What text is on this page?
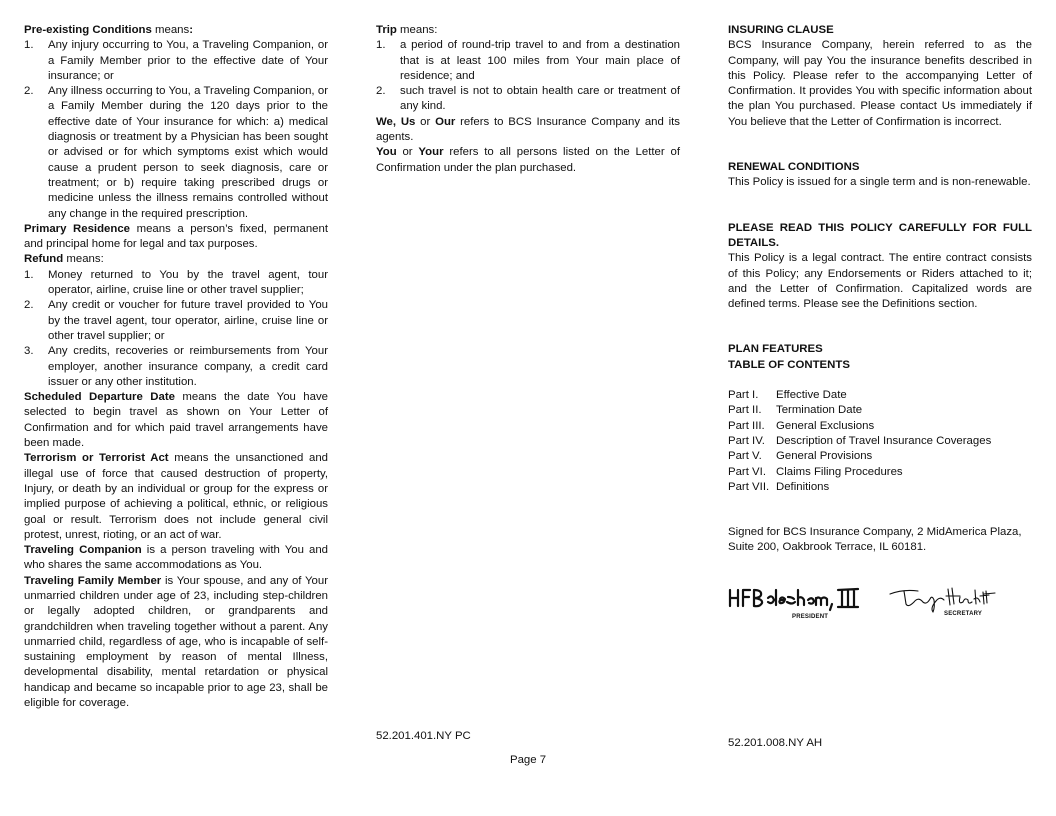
Pre-existing Conditions means:

1. Any injury occurring to You, a Traveling Companion, or a Family Member prior to the effective date of Your insurance; or
2. Any illness occurring to You, a Traveling Companion, or a Family Member during the 120 days prior to the effective date of Your insurance for which: a) medical diagnosis or treatment by a Physician has been sought or advised or for which symptoms exist which would cause a prudent person to seek diagnosis, care or treatment; or b) require taking prescribed drugs or medicine unless the illness remains controlled without any change in the required prescription.

Primary Residence means a person’s fixed, permanent and principal home for legal and tax purposes.

Refund means:

1. Money returned to You by the travel agent, tour operator, airline, cruise line or other travel supplier;
2. Any credit or voucher for future travel provided to You by the travel agent, tour operator, airline, cruise line or other travel supplier; or
3. Any credits, recoveries or reimbursements from Your employer, another insurance company, a credit card issuer or any other institution.

Scheduled Departure Date means the date You have selected to begin travel as shown on Your Letter of Confirmation and for which paid travel arrangements have been made.

Terrorism or Terrorist Act means the unsanctioned and illegal use of force that caused destruction of property, Injury, or death by an individual or group for the express or implied purpose of achieving a political, ethnic, or religious goal or result. Terrorism does not include general civil protest, unrest, rioting, or an act of war.

Traveling Companion is a person traveling with You and who shares the same accommodations as You.

Traveling Family Member is Your spouse, and any of Your unmarried children under age of 23, including step-children or legally adopted children, or grandparents and grandchildren when traveling together without a parent. Any unmarried child, regardless of age, who is incapable of self-sustaining employment by reason of mental Illness, developmental disability, mental retardation or physical handicap and became so incapable prior to age 23, shall be eligible for coverage.

Trip means:

1. a period of round-trip travel to and from a destination that is at least 100 miles from Your main place of residence; and
2. such travel is not to obtain health care or treatment of any kind.

We, Us or Our refers to BCS Insurance Company and its agents.

You or Your refers to all persons listed on the Letter of Confirmation under the plan purchased.

INSURING CLAUSE

BCS Insurance Company, herein referred to as the Company, will pay You the insurance benefits described in this Policy. Please refer to the accompanying Letter of Confirmation. It provides You with specific information about the plan You purchased. Please contact Us immediately if You believe that the Letter of Confirmation is incorrect.

RENEWAL CONDITIONS

This Policy is issued for a single term and is non-renewable.

PLEASE READ THIS POLICY CAREFULLY FOR FULL DETAILS.

This Policy is a legal contract. The entire contract consists of this Policy; any Endorsements or Riders attached to it; and the Letter of Confirmation. Capitalized words are defined terms. Please see the Definitions section.

PLAN FEATURES

TABLE OF CONTENTS

Part I.	Effective Date
Part II.	Termination Date
Part III. General Exclusions
Part IV. Description of Travel Insurance Coverages
Part V.	General Provisions
Part VI. Claims Filing Procedures
Part VII. Definitions

Signed for BCS Insurance Company, 2 MidAmerica Plaza, Suite 200, Oakbrook Terrace, IL 60181.

PRESIDENT	SECRETARY
52.201.401.NY PC
Page 7
52.201.008.NY AH
